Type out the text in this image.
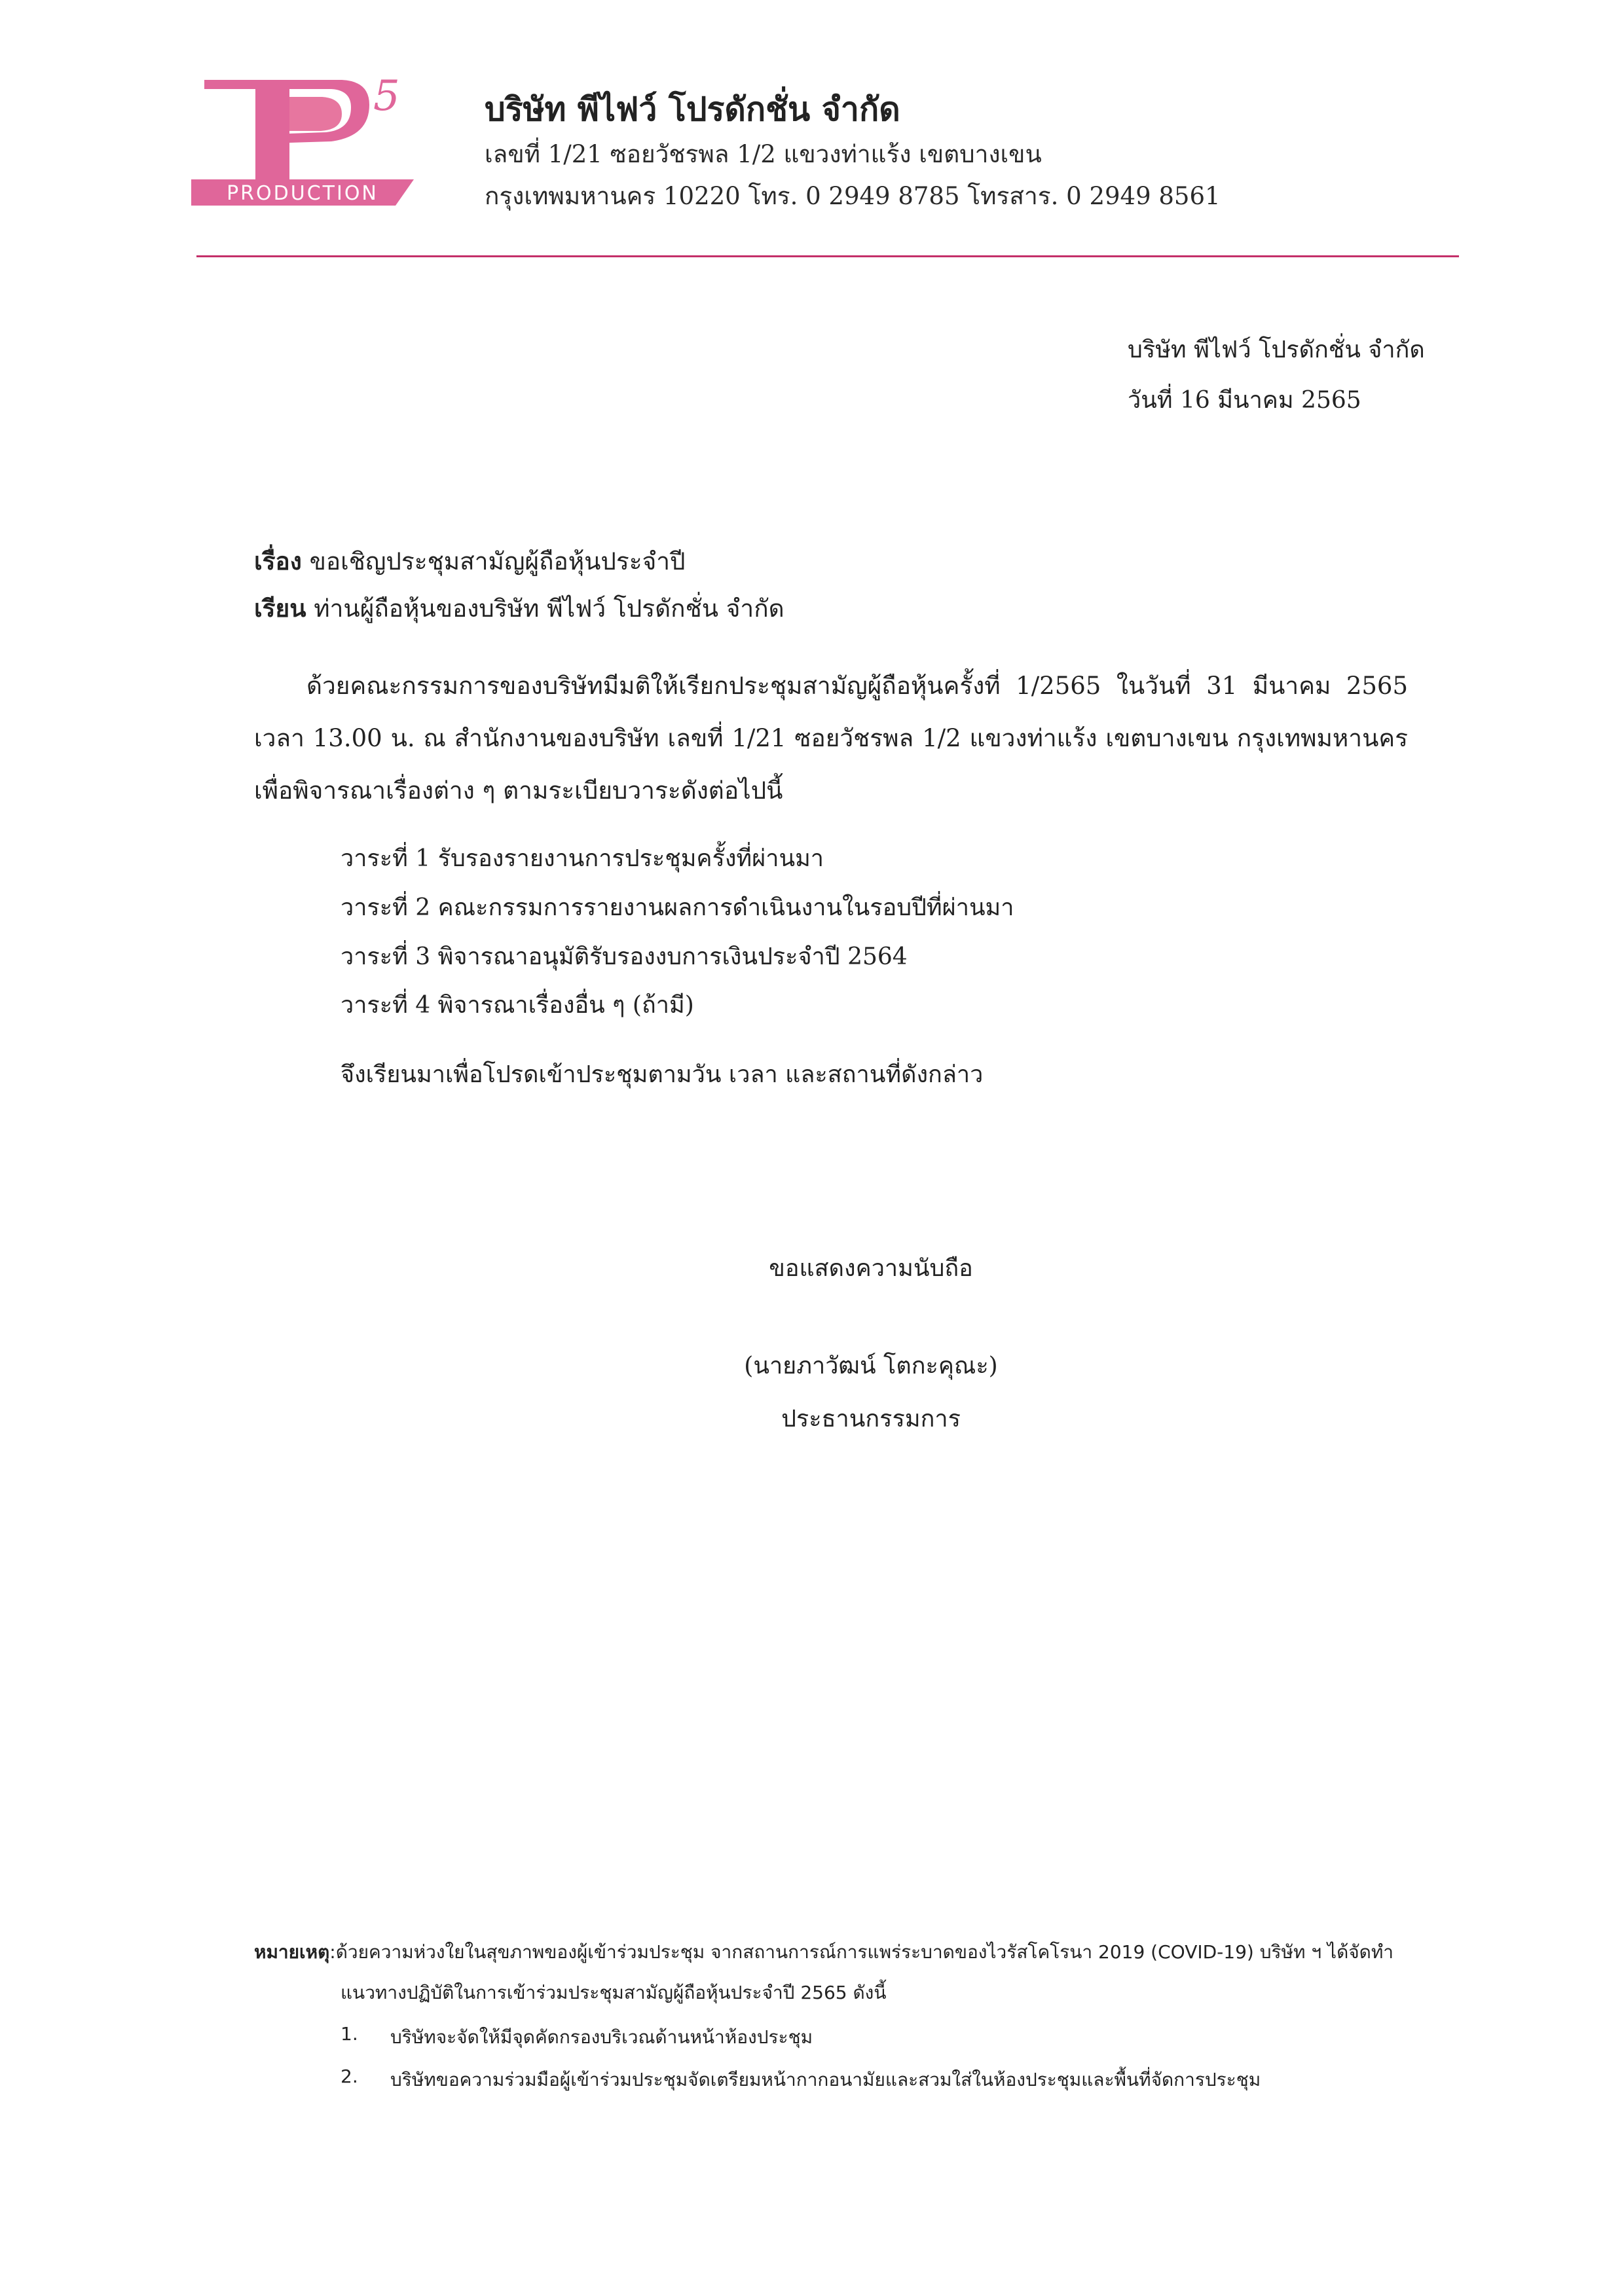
5
PRODUCTION
บริษัท พีไฟว์ โปรดักชั่น จำกัด
เลขที่ 1/21 ซอยวัชรพล 1/2 แขวงท่าแร้ง เขตบางเขน
กรุงเทพมหานคร 10220 โทร. 0 2949 8785 โทรสาร. 0 2949 8561
บริษัท พีไฟว์ โปรดักชั่น จำกัด
วันที่ 16 มีนาคม 2565
เรื่อง ขอเชิญประชุมสามัญผู้ถือหุ้นประจำปี
เรียน ท่านผู้ถือหุ้นของบริษัท พีไฟว์ โปรดักชั่น จำกัด
ด้วยคณะกรรมการของบริษัทมีมติให้เรียกประชุมสามัญผู้ถือหุ้นครั้งที่ 1/2565 ในวันที่ 31 มีนาคม 2565
เวลา 13.00 น. ณ สำนักงานของบริษัท เลขที่ 1/21 ซอยวัชรพล 1/2 แขวงท่าแร้ง เขตบางเขน กรุงเทพมหานคร
เพื่อพิจารณาเรื่องต่าง ๆ ตามระเบียบวาระดังต่อไปนี้
วาระที่ 1 รับรองรายงานการประชุมครั้งที่ผ่านมา
วาระที่ 2 คณะกรรมการรายงานผลการดำเนินงานในรอบปีที่ผ่านมา
วาระที่ 3 พิจารณาอนุมัติรับรองงบการเงินประจำปี 2564
วาระที่ 4 พิจารณาเรื่องอื่น ๆ (ถ้ามี)
จึงเรียนมาเพื่อโปรดเข้าประชุมตามวัน เวลา และสถานที่ดังกล่าว
ขอแสดงความนับถือ
(นายภาวัฒน์ โตกะคุณะ)
ประธานกรรมการ
หมายเหตุ:ด้วยความห่วงใยในสุขภาพของผู้เข้าร่วมประชุม จากสถานการณ์การแพร่ระบาดของไวรัสโคโรนา 2019 (COVID-19) บริษัท ฯ ได้จัดทำ
แนวทางปฏิบัติในการเข้าร่วมประชุมสามัญผู้ถือหุ้นประจำปี 2565 ดังนี้
1. บริษัทจะจัดให้มีจุดคัดกรองบริเวณด้านหน้าห้องประชุม
2. บริษัทขอความร่วมมือผู้เข้าร่วมประชุมจัดเตรียมหน้ากากอนามัยและสวมใส่ในห้องประชุมและพื้นที่จัดการประชุม
